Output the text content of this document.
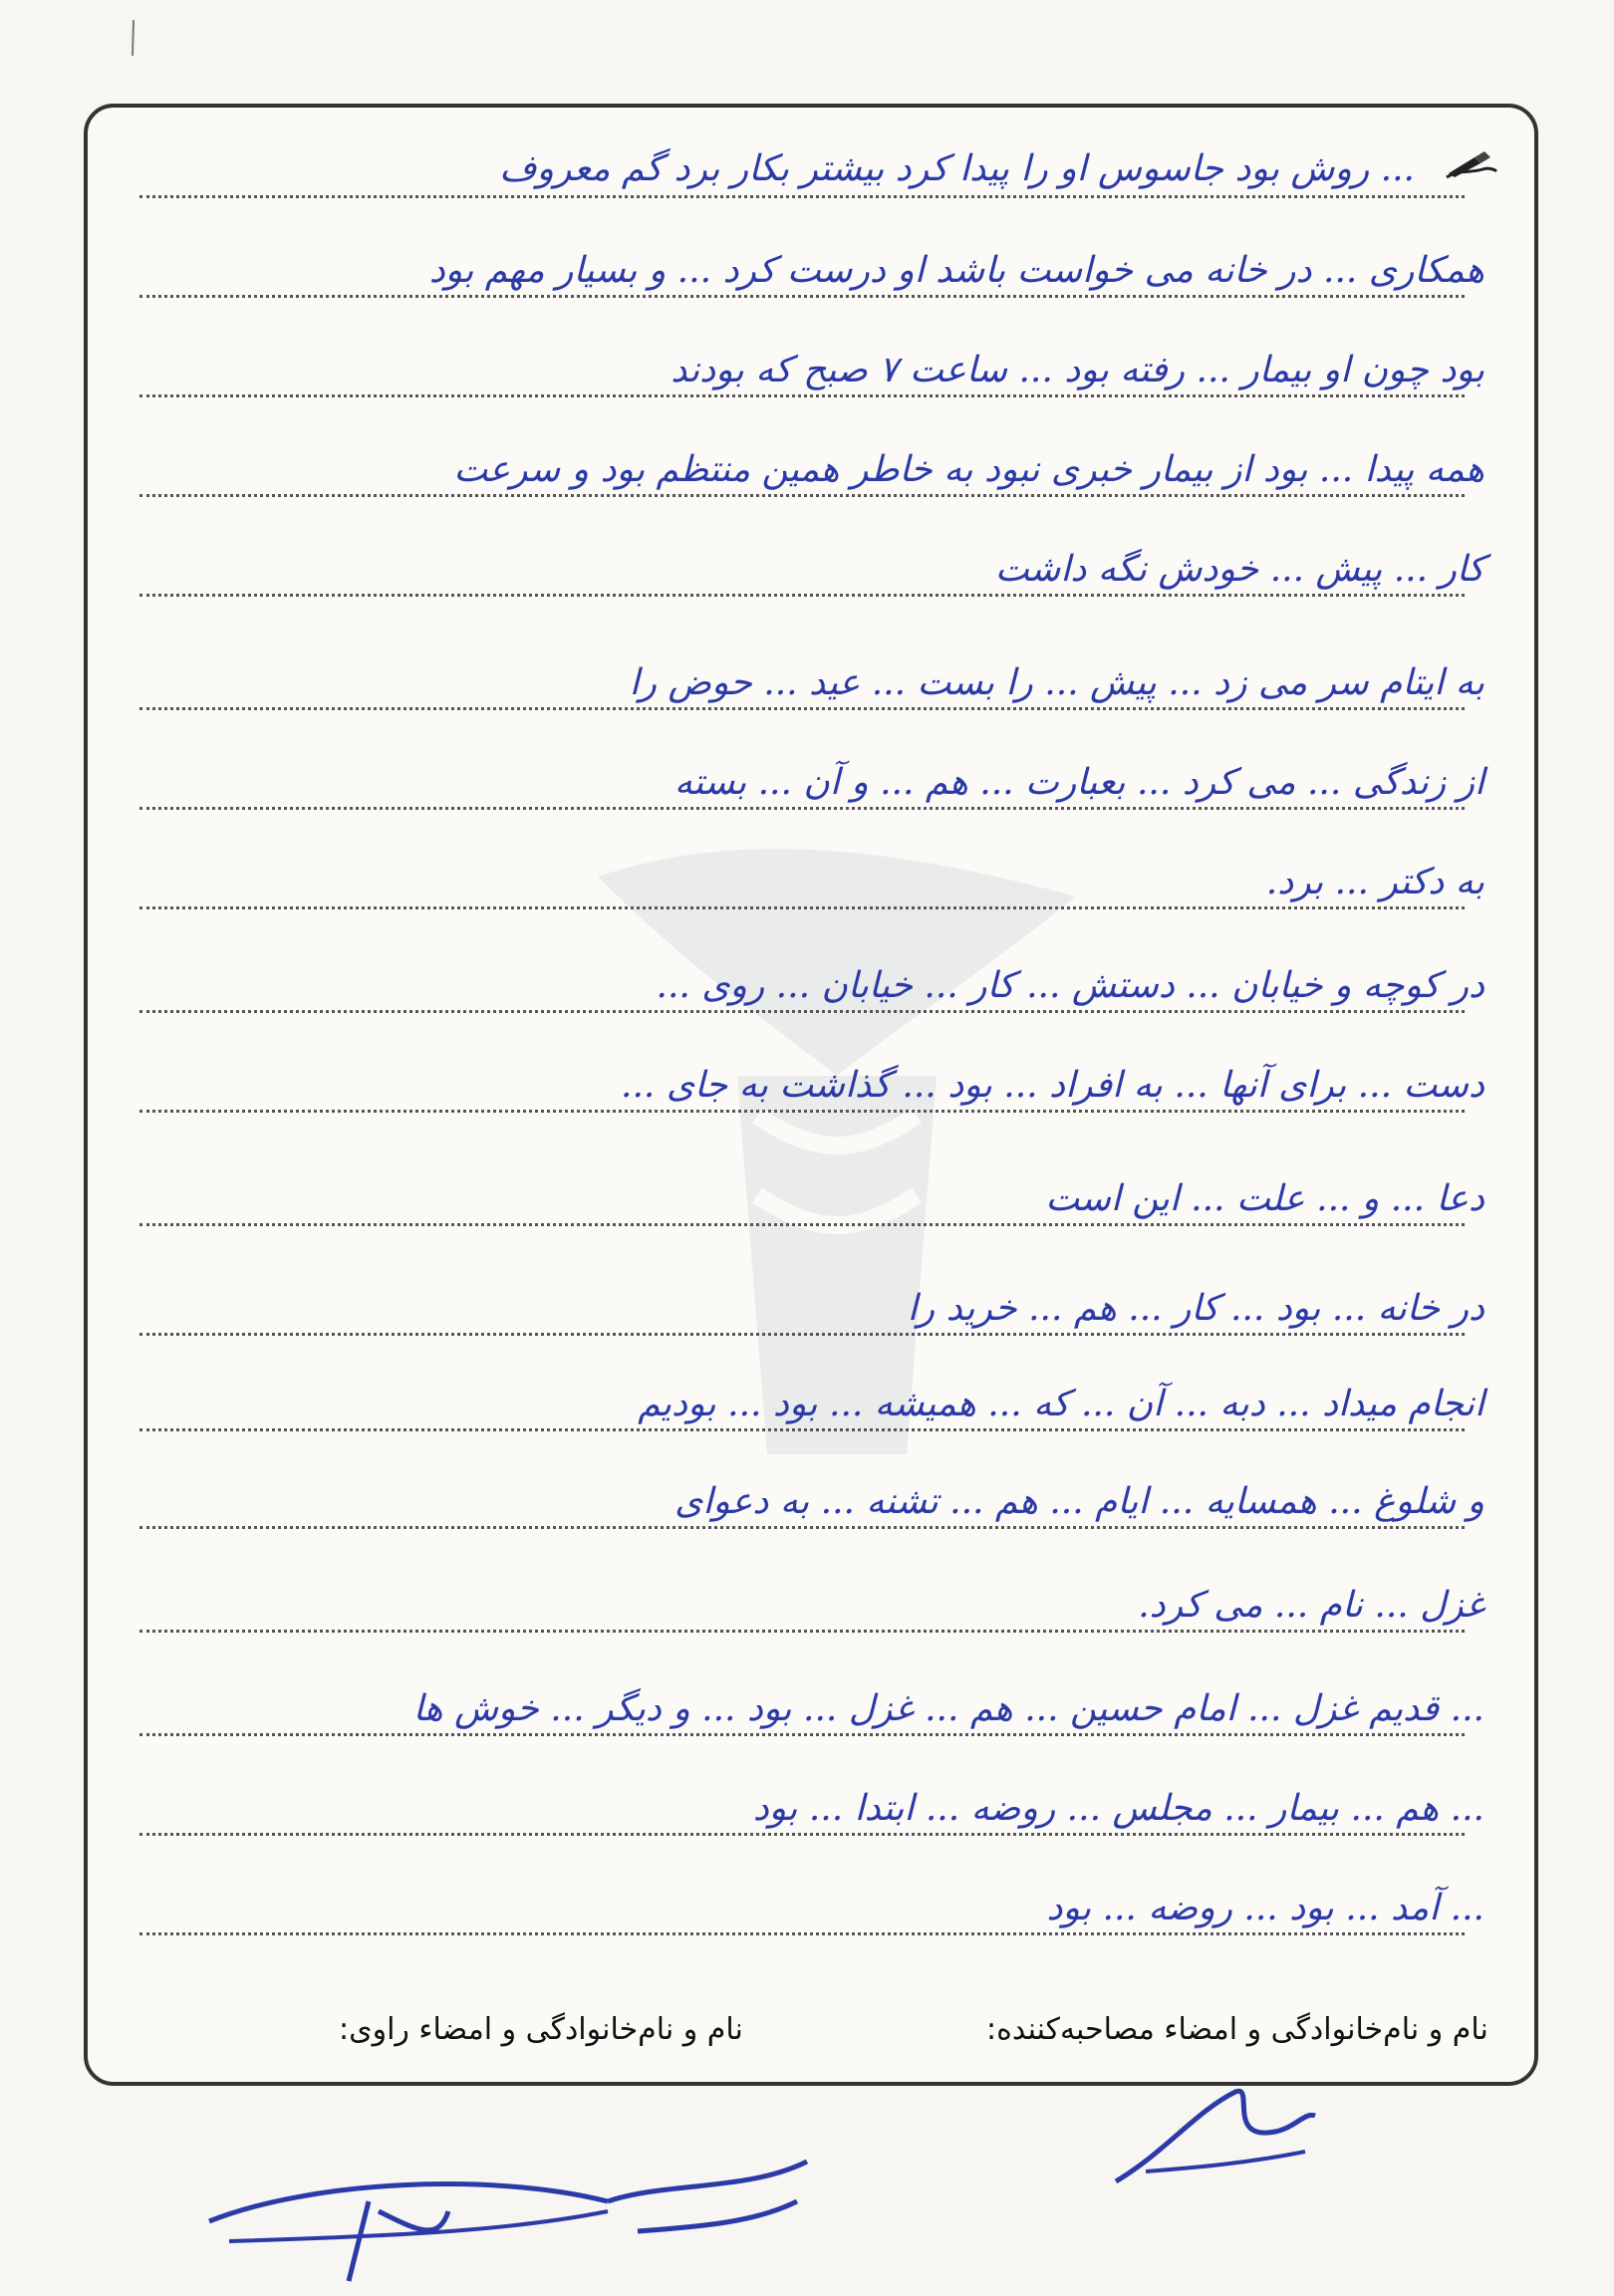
... روش بود جاسوس او را پیدا کرد بیشتر بکار برد گم معروف
همکاری ... در خانه می خواست باشد او درست کرد ... و بسیار مهم بود
بود چون او بیمار ... رفته بود ... ساعت ۷ صبح که بودند
همه پیدا ... بود از بیمار خبری نبود به خاطر همین منتظم بود و سرعت
کار ... پیش ... خودش نگه داشت
به ایتام سر می زد ... پیش ... را بست ... عید ... حوض را
از زندگی ... می کرد ... بعبارت ... هم ... و آن ... بسته
به دکتر ... برد.
در کوچه و خیابان ... دستش ... کار ... خیابان ... روی ...
دست ... برای آنها ... به افراد ... بود ... گذاشت به جای ...
دعا ... و ... علت ... این است
در خانه ... بود ... کار ... هم ... خرید را
انجام میداد ... دبه ... آن ... که ... همیشه ... بود ... بودیم
و شلوغ ... همسایه ... ایام ... هم ... تشنه ... به دعوای
غزل ... نام ... می کرد.
... قدیم غزل ... امام حسین ... هم ... غزل ... بود ... و دیگر ... خوش ها
... هم ... بیمار ... مجلس ... روضه ... ابتدا ... بود
... آمد ... بود ... روضه ... بود
نام و نام‌خانوادگی و امضاء مصاحبه‌کننده:
نام و نام‌خانوادگی و امضاء راوی:
